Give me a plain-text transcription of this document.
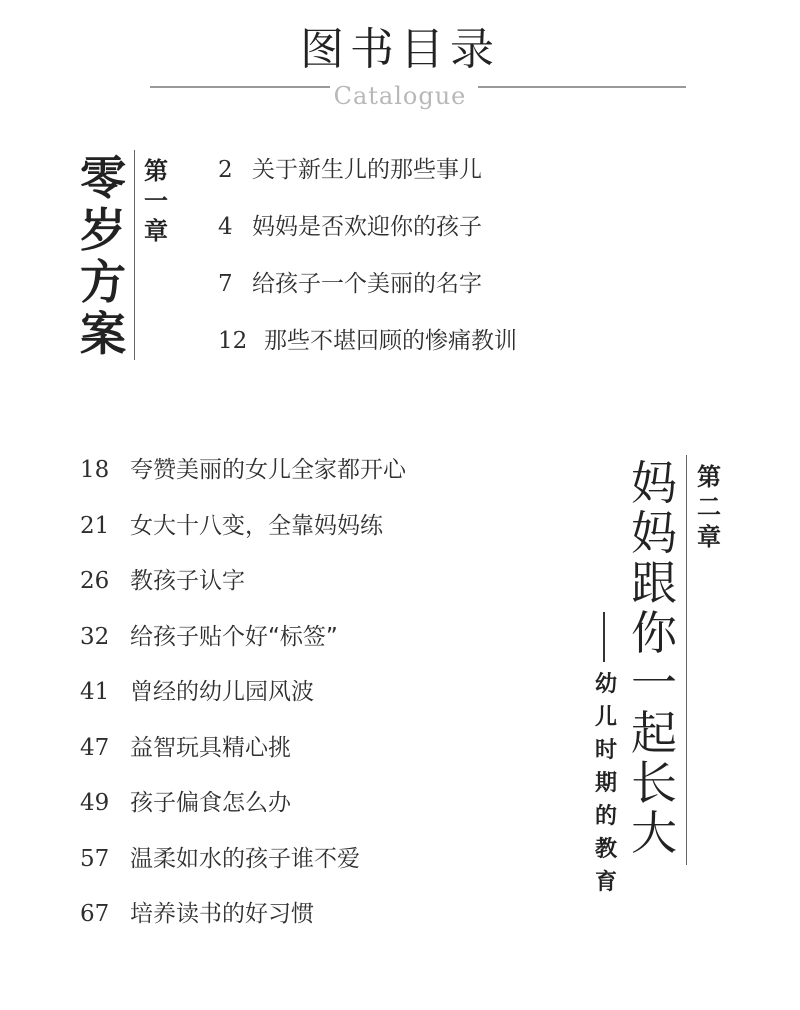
图书目录
Catalogue
零
岁
方
案
第
一
章
2 关于新生儿的那些事儿
4 妈妈是否欢迎你的孩子
7 给孩子一个美丽的名字
12 那些不堪回顾的惨痛教训
18 夸赞美丽的女儿全家都开心
21 女大十八变，全靠妈妈练
26 教孩子认字
32 给孩子贴个好“标签”
41 曾经的幼儿园风波
47 益智玩具精心挑
49 孩子偏食怎么办
57 温柔如水的孩子谁不爱
67 培养读书的好习惯
幼
儿
时
期
的
教
育
妈
妈
跟
你
一
起
长
大
第
二
章
